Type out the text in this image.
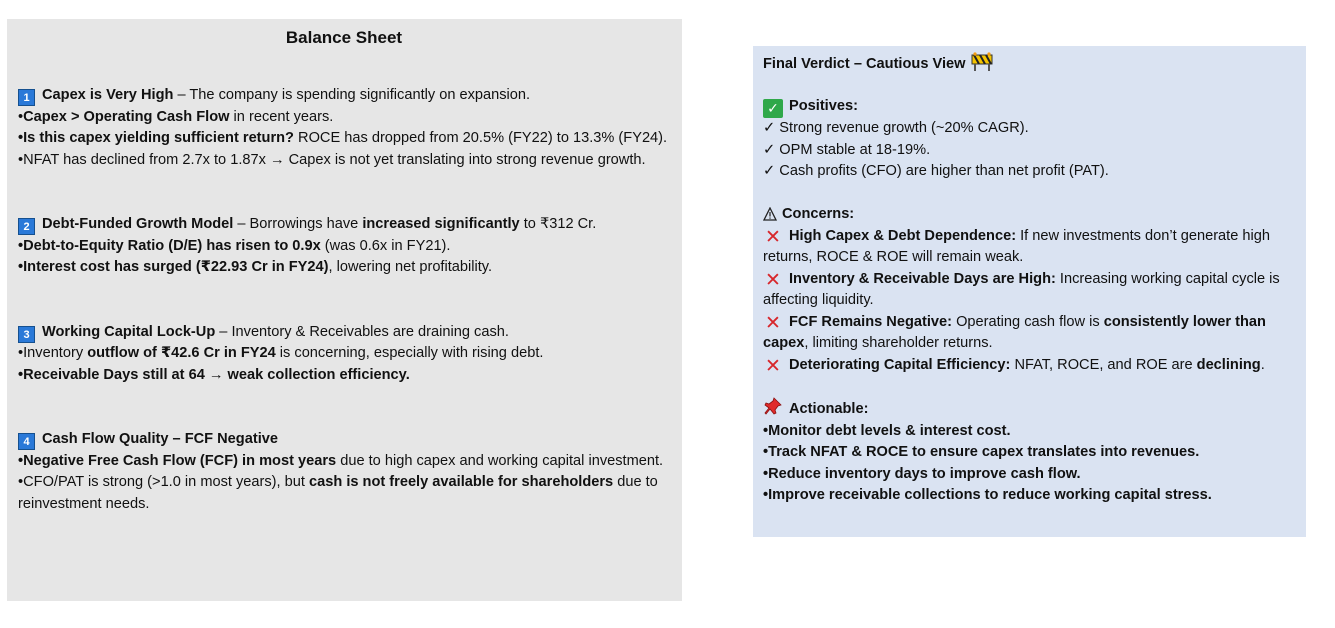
Balance Sheet
1 Capex is Very High – The company is spending significantly on expansion.
•Capex > Operating Cash Flow in recent years.
•Is this capex yielding sufficient return? ROCE has dropped from 20.5% (FY22) to 13.3% (FY24).
•NFAT has declined from 2.7x to 1.87x → Capex is not yet translating into strong revenue growth.
2 Debt-Funded Growth Model – Borrowings have increased significantly to ₹312 Cr.
•Debt-to-Equity Ratio (D/E) has risen to 0.9x (was 0.6x in FY21).
•Interest cost has surged (₹22.93 Cr in FY24), lowering net profitability.
3 Working Capital Lock-Up – Inventory & Receivables are draining cash.
•Inventory outflow of ₹42.6 Cr in FY24 is concerning, especially with rising debt.
•Receivable Days still at 64 → weak collection efficiency.
4 Cash Flow Quality – FCF Negative
•Negative Free Cash Flow (FCF) in most years due to high capex and working capital investment.
•CFO/PAT is strong (>1.0 in most years), but cash is not freely available for shareholders due to reinvestment needs.
Final Verdict – Cautious View
✓ Positives:
✓ Strong revenue growth (~20% CAGR).
✓ OPM stable at 18-19%.
✓ Cash profits (CFO) are higher than net profit (PAT).
Concerns:
✕ High Capex & Debt Dependence: If new investments don’t generate high returns, ROCE & ROE will remain weak.
✕ Inventory & Receivable Days are High: Increasing working capital cycle is affecting liquidity.
✕ FCF Remains Negative: Operating cash flow is consistently lower than capex, limiting shareholder returns.
✕ Deteriorating Capital Efficiency: NFAT, ROCE, and ROE are declining.
Actionable:
•Monitor debt levels & interest cost.
•Track NFAT & ROCE to ensure capex translates into revenues.
•Reduce inventory days to improve cash flow.
•Improve receivable collections to reduce working capital stress.
